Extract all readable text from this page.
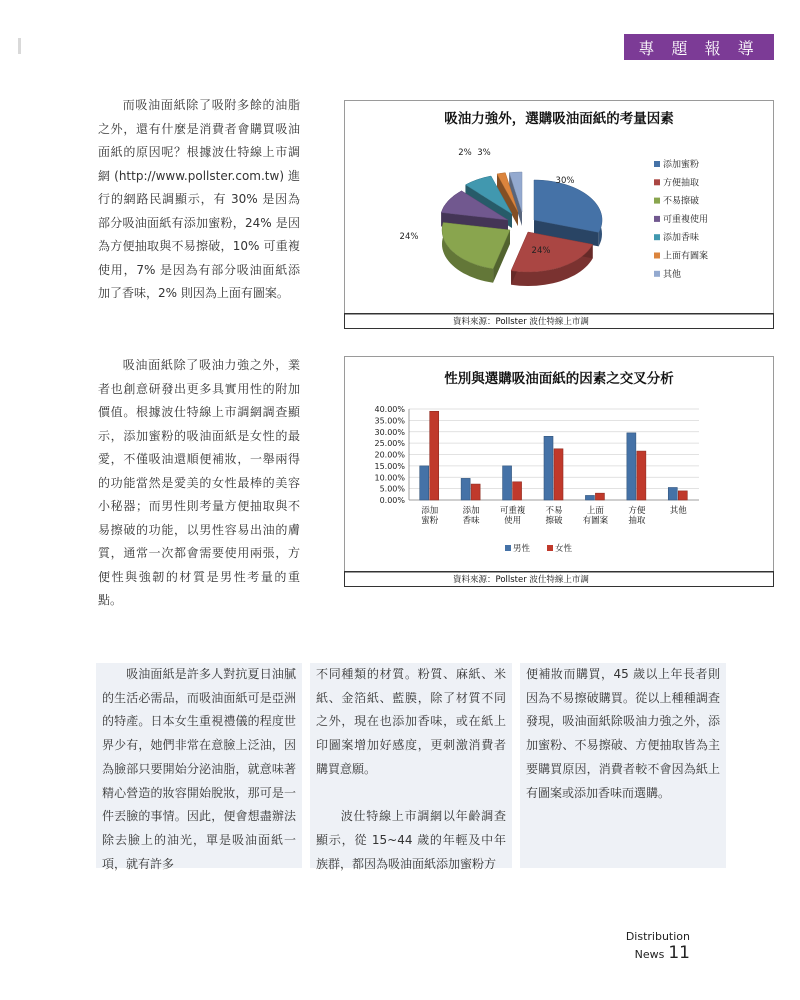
專 題 報 導
而吸油面紙除了吸附多餘的油脂之外，還有什麼是消費者會購買吸油面紙的原因呢？根據波仕特線上市調網 (http://www.pollster.com.tw) 進行的網路民調顯示，有 30% 是因為部分吸油面紙有添加蜜粉，24% 是因為方便抽取與不易擦破，10% 可重複使用，7% 是因為有部分吸油面紙添加了香味，2% 則因為上面有圖案。
吸油面紙除了吸油力強之外，業者也創意研發出更多具實用性的附加價值。根據波仕特線上市調網調查顯示，添加蜜粉的吸油面紙是女性的最愛，不僅吸油還順便補妝，一舉兩得的功能當然是愛美的女性最棒的美容小秘器；而男性則考量方便抽取與不易擦破的功能，以男性容易出油的膚質，通常一次都會需要使用兩張，方便性與強韌的材質是男性考量的重點。
吸油力強外，選購吸油面紙的考量因素
30%
24%
24%
10%
7%
2% 3%
添加蜜粉
方便抽取
不易擦破
可重複使用
添加香味
上面有圖案
其他
資料來源：Pollster 波仕特線上市調
性別與選購吸油面紙的因素之交叉分析
0.00%
5.00%
10.00%
15.00%
20.00%
25.00%
30.00%
35.00%
40.00%
添加
蜜粉
添加
香味
可重複
使用
不易
擦破
上面
有圖案
方便
抽取
其他
男性	女性
資料來源：Pollster 波仕特線上市調

吸油面紙是許多人對抗夏日油膩的生活必需品，而吸油面紙可是亞洲的特產。日本女生重視禮儀的程度世界少有，她們非常在意臉上泛油，因為臉部只要開始分泌油脂，就意味著精心營造的妝容開始脫妝，那可是一件丟臉的事情。因此，便會想盡辦法除去臉上的油光，單是吸油面紙一項，就有許多

不同種類的材質。粉質、麻紙、米紙、金箔紙、藍膜，除了材質不同之外，現在也添加香味，或在紙上印圖案增加好感度，更刺激消費者購買意願。

波仕特線上市調網以年齡調查顯示，從 15~44 歲的年輕及中年族群，都因為吸油面紙添加蜜粉方

便補妝而購買，45 歲以上年長者則因為不易擦破購買。從以上種種調查發現，吸油面紙除吸油力強之外，添加蜜粉、不易擦破、方便抽取皆為主要購買原因，消費者較不會因為紙上有圖案或添加香味而選購。

Distribution News 11
